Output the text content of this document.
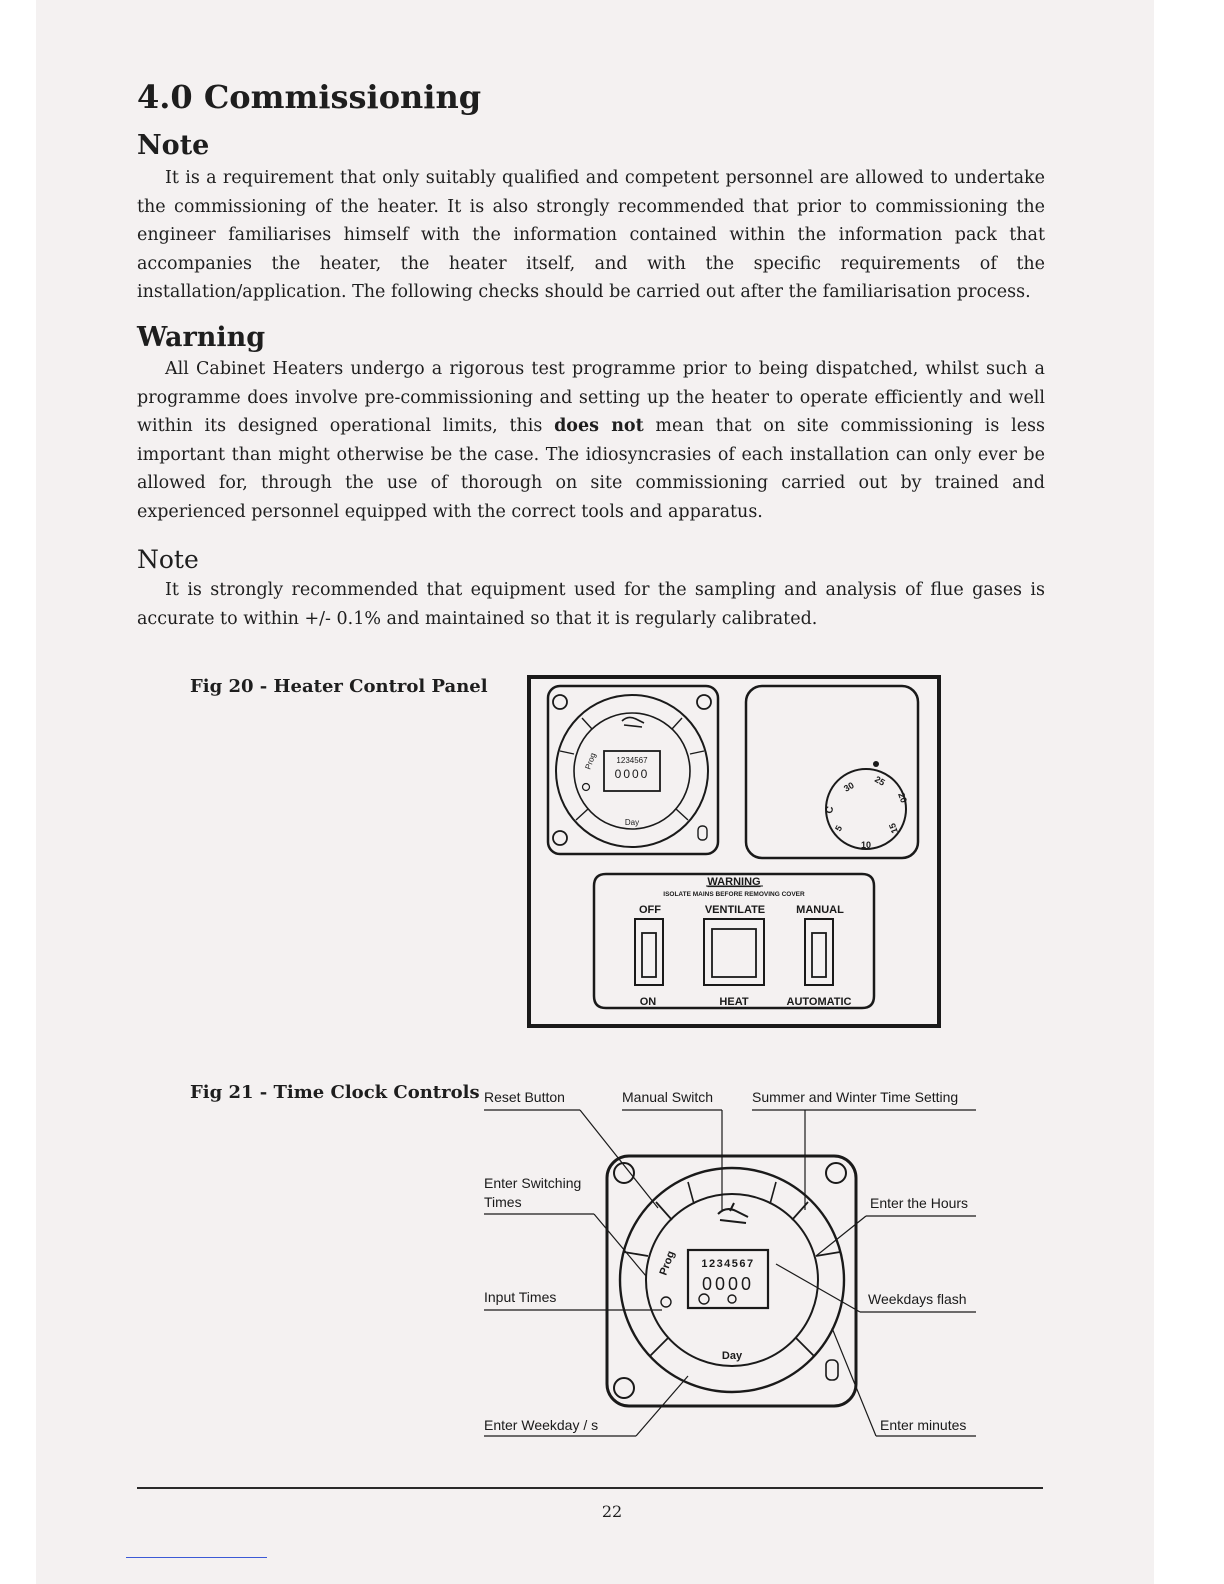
4.0 Commissioning
Note

It is a requirement that only suitably qualified and competent personnel are allowed to undertake the commissioning of the heater. It is also strongly recommended that prior to commissioning the engineer familiarises himself with the information contained within the information pack that accompanies the heater, the heater itself, and with the specific requirements of the installation/application. The following checks should be carried out after the familiarisation process.

Warning

All Cabinet Heaters undergo a rigorous test programme prior to being dispatched, whilst such a programme does involve pre-commissioning and setting up the heater to operate efficiently and well within its designed operational limits, this does not mean that on site commissioning is less important than might otherwise be the case. The idiosyncrasies of each installation can only ever be allowed for, through the use of thorough on site commissioning carried out by trained and experienced personnel equipped with the correct tools and apparatus.

Note

It is strongly recommended that equipment used for the sampling and analysis of flue gases is accurate to within +/- 0.1% and maintained so that it is regularly calibrated.

Fig 20 - Heater Control Panel
1234567
0000
Prog
Day
5
10
15
20
25
30
C
WARNING
ISOLATE MAINS BEFORE REMOVING COVER
OFF	VENTILATE	MANUAL
ON	HEAT	AUTOMATIC
Fig 21 - Time Clock Controls
1234567
0000
Prog
Day
Reset Button	Manual Switch	Summer and Winter Time Setting
Enter Switching
Times	Enter the Hours
Input Times	Weekdays flash
Enter Weekday / s	Enter minutes
22
